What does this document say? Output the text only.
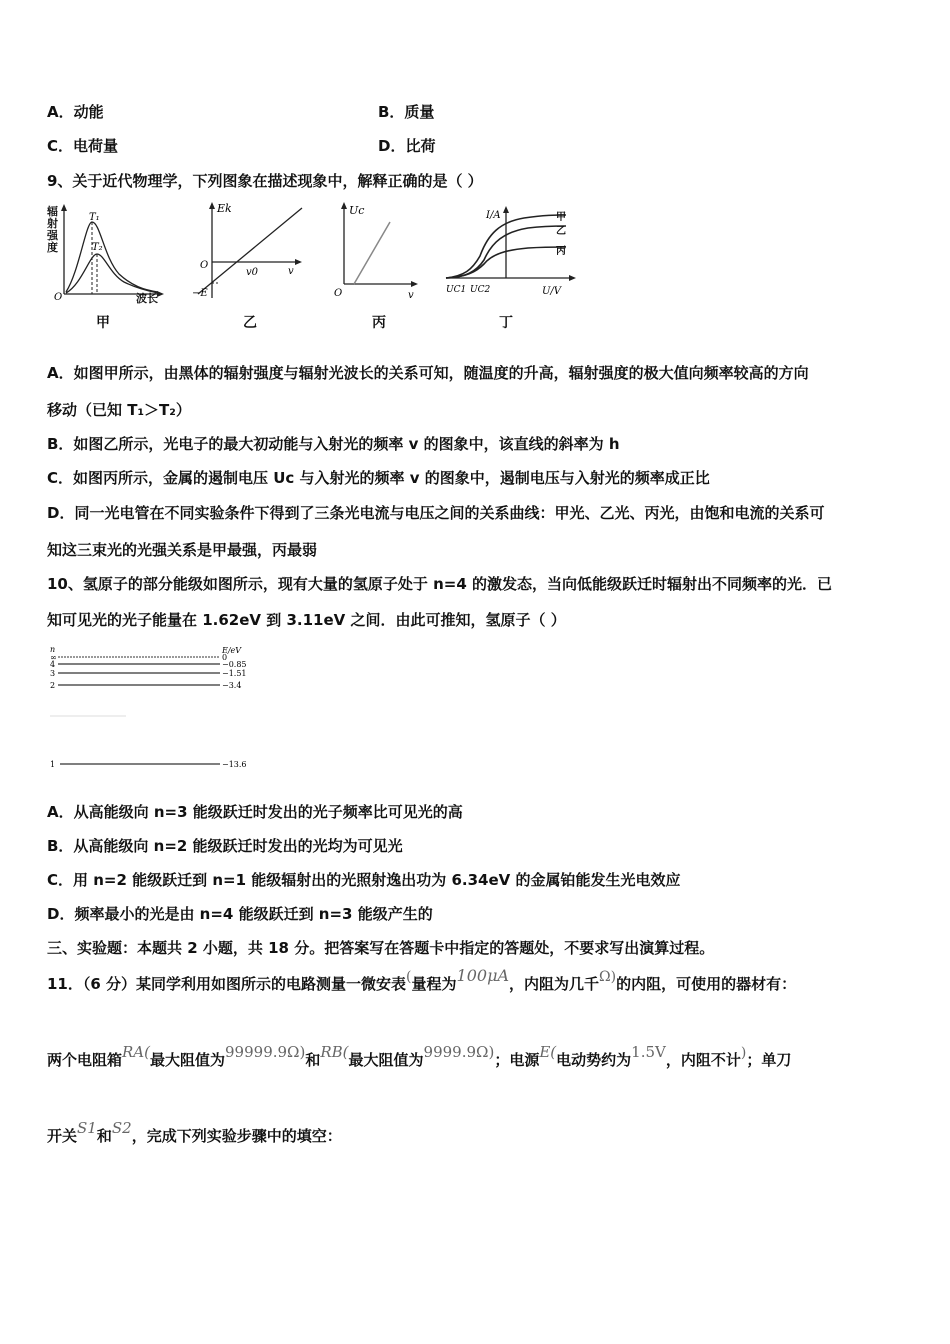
A．动能	B．质量
C．电荷量	D．比荷
9、关于近代物理学，下列图象在描述现象中，解释正确的是（ ）
T₁
T₂
O
辐
射
强
度
波长
甲
Ek
O
−E
v0	v
乙
Uc
O	v
丙
I/A
UC1 UC2	U/V
甲
乙
丙
丁
A．如图甲所示，由黑体的辐射强度与辐射光波长的关系可知，随温度的升高，辐射强度的极大值向频率较高的方向
移动（已知 T₁＞T₂）
B．如图乙所示，光电子的最大初动能与入射光的频率 v 的图象中，该直线的斜率为 h
C．如图丙所示，金属的遏制电压 Uc 与入射光的频率 v 的图象中，遏制电压与入射光的频率成正比
D．同一光电管在不同实验条件下得到了三条光电流与电压之间的关系曲线：甲光、乙光、丙光，由饱和电流的关系可
知这三束光的光强关系是甲最强，丙最弱
10、氢原子的部分能级如图所示，现有大量的氢原子处于 n=4 的激发态，当向低能级跃迁时辐射出不同频率的光．已
知可见光的光子能量在 1.62eV 到 3.11eV 之间．由此可推知，氢原子（ ）
n	E/eV
∞	0
4	−0.85
3	−1.51
2	−3.4
1	−13.6
A．从高能级向 n=3 能级跃迁时发出的光子频率比可见光的高
B．从高能级向 n=2 能级跃迁时发出的光均为可见光
C．用 n=2 能级跃迁到 n=1 能级辐射出的光照射逸出功为 6.34eV 的金属铂能发生光电效应
D．频率最小的光是由 n=4 能级跃迁到 n=3 能级产生的
三、实验题：本题共 2 小题，共 18 分。把答案写在答题卡中指定的答题处，不要求写出演算过程。
11．（6 分）某同学利用如图所示的电路测量一微安表(量程为100μA，内阻为几千Ω)的内阻，可使用的器材有：
两个电阻箱RA(最大阻值为99999.9Ω)和RB(最大阻值为9999.9Ω)；电源E(电动势约为1.5V，内阻不计)；单刀
开关S1和S2，完成下列实验步骤中的填空：
